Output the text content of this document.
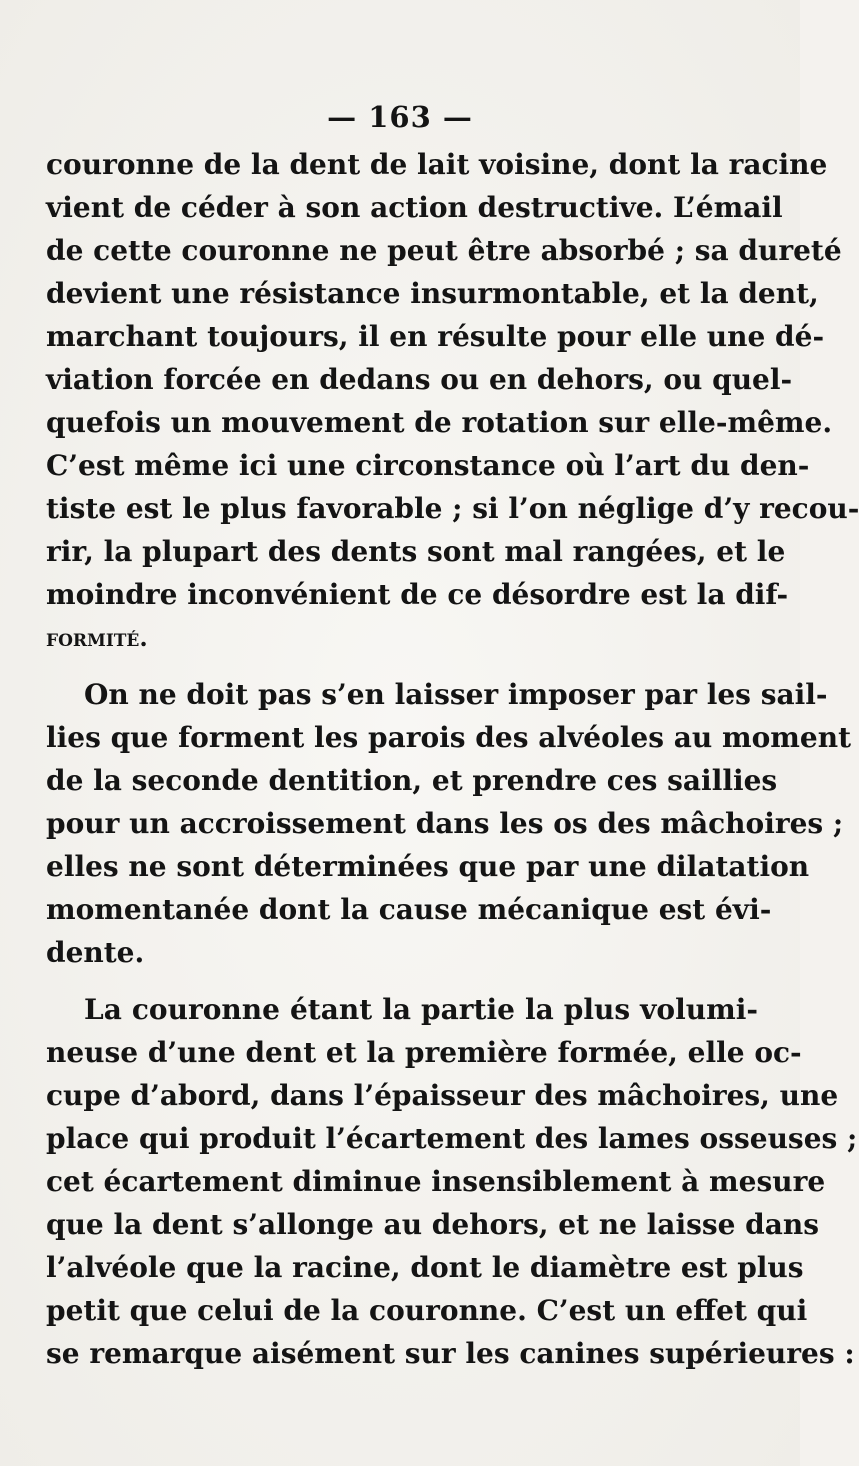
— 163 —
couronne de la dent de lait voisine, dont la racine
vient de céder à son action destructive. L’émail
de cette couronne ne peut être absorbé ; sa dureté
devient une résistance insurmontable, et la dent,
marchant toujours, il en résulte pour elle une dé-
viation forcée en dedans ou en dehors, ou quel-
quefois un mouvement de rotation sur elle-même.
C’est même ici une circonstance où l’art du den-
tiste est le plus favorable ; si l’on néglige d’y recou-
rir, la plupart des dents sont mal rangées, et le
moindre inconvénient de ce désordre est la dif-
formité.
On ne doit pas s’en laisser imposer par les sail-
lies que forment les parois des alvéoles au moment
de la seconde dentition, et prendre ces saillies
pour un accroissement dans les os des mâchoires ;
elles ne sont déterminées que par une dilatation
momentanée dont la cause mécanique est évi-
dente.
La couronne étant la partie la plus volumi-
neuse d’une dent et la première formée, elle oc-
cupe d’abord, dans l’épaisseur des mâchoires, une
place qui produit l’écartement des lames osseuses ;
cet écartement diminue insensiblement à mesure
que la dent s’allonge au dehors, et ne laisse dans
l’alvéole que la racine, dont le diamètre est plus
petit que celui de la couronne. C’est un effet qui
se remarque aisément sur les canines supérieures :
